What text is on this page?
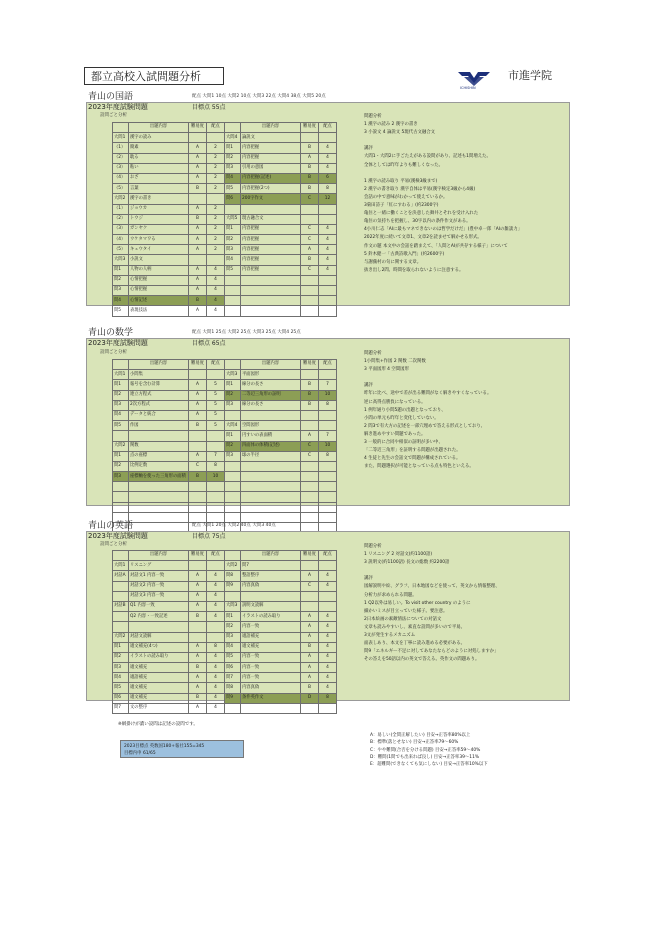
都立高校入試問題分析
ICHISHIN
市進学院
青山の国語	配点 大問1 10点 大問2 10点 大問3 22点 大問4 38点 大問5 20点
2023年度試験問題	目標点 55点
設問ごと分析
	出題内容	難易度	配点
大問1	漢字の読み		
（1）	簡素	A	2
（2）	耽る	A	2
（3）	粘い	A	2
（4）	おざ	A	2
（5）	言葉	B	2
大問2	漢字の書き		
（1）	ジョウカ	A	2
（2）	トウジ	B	2
（3）	ガンヤク	A	2
（4）	ウケタマワる	A	2
（5）	キュウタイ	A	2
大問3	小説文		
問1	人物の人柄	A	4
問2	心情把握	A	4
問3	心情把握	A	4
問4	心情記述	B	4
問5	表現技法	A	4
	出題内容	難易度	配点
大問4	論説文		
問1	内容把握	B	4
問2	内容把握	A	4
問3	引用の意図	B	4
問4	内容把握(記述)	B	6
問5	内容把握(2つ)	B	8
問6	200字作文	C	12

大問5	現古融合文		
問1	内容把握	C	4
問2	内容把握	C	4
問3	内容把握	A	4
問4	内容把握	B	4
問5	内容把握	C	4

問題分析
1 漢字の読み 2 漢字の書き
3 小説文 4 論説文 5現代古文融合文

講評
大問1・大問2に手ごたえがある設問があり、記述も1問増えた。
全体としては昨年よりも難しくなった。

1 漢字の読み取り 平易(漢検3級まで)
2 漢字の書き取り 漢字自体は平易(漢字検定3級から4級)
会話の中で意味がわかって使えているか。
3菊田詩子「紅にすわる」(約2300字)
亀住と一緒に働くことを決意した舞井とそれを受け入れた
亀住の気持ちを把握し、30字以内の条件作文がある。
4小川仁志「AIに最もマネできないのは哲学だけだ」(豊中卓一郎「AIの雑談力」
2022年度に続いて文章1、文章2を読ませて解かせる形式。
作文の題 本文中の会話を踏まえて、「人間とAIが共存する様子」について
5 鈴木健一「古典詩歌入門」(約2600字)
与謝蕪村の句に関する文章。
抜き出し2問、時間を取られないように注意する。
青山の数学	配点 大問1 25点 大問2 25点 大問3 25点 大問4 25点
2023年度試験問題	目標点 65点
設問ごと分析
	出題内容	難易度	配点
大問1	小問集		
問1	報号を含む計算	A	5
問2	連立方程式	A	5
問3	2次方程式	A	5
問4	データと統合	A	5
問5	作図	B	5

大問2	関数		
問1	点の座標	A	7
問2	比例定数	C	8
問3	座標軸を使った三角形の面積	B	10

	出題内容	難易度	配点
大問3	平面図形		
問1	線分の長さ	B	7
問2	二等辺三角形の証明	B	10
問3	線分の長さ	B	8

大問4	空間図形		
問1	円すいの表面積	A	7
問2	四面体の体積(記述)	C	10
問3	球の半径	C	8

問題分析
1小問集+作図 2 関数 二次関数
3 平面図形 4 空間図形

講評
昨年に比べ、途中で差が出る難問がなく解きやすくなっている。
逆に高得点勝負になっている。
1 例年通り小問5題の出題となっており、
小問の単元も昨年と変化していない。
2 問3で有大方の記述を一部穴埋めで答える形式としており、
解き進めやすい問題であった。
3 一般的に合同や相似の証明が多い中、
「二等辺三角形」を証明する問題が出題された。
4 生徒と先生の会話文で問題が構成されている。
また、問題選択が可能となっている点も特色といえる。
青山の英語	配点 大問1 20点 大問2 40点 大問3 40点
2023年度試験問題	目標点 75点
設問ごと分析
	出題内容	難易度	配点
大問1	リスニング		
対話A	対話文1 内容一致	A	4
	対話文2 内容一致	A	4
	対話文3 内容一致	A	4
対話B	Q1 内容一致	A	4
	Q2 内容・一致記述	B	4

大問2	対話文読解		
問1	適文補充(4つ)	A	8
問2	イラストの読み取り	A	4
問3	適文補充	B	4
問4	適語補充	A	4
問5	適文補充	A	4
問6	適文補充	B	4
問7	文の整序	A	4
	出題内容	難易度	配点
大問2	問7		
問8	整語整序	A	4
問9	内容真偽	C	4

大問3	説明文読解		
問1	イラストの読み取り	A	4
問2	内容一致	A	4
問3	適語補充	A	4
問4	適文補充	B	4
問5	内容一致	A	4
問6	内容一致	A	4
問7	内容一致	A	4
問8	内容真偽	B	4
問9	条件英作文	D	8

問題分析
1 リスニング 2 対話文(約1100語)
3 説明文(約1100語) 長文の総数 約2200語

講評
図解説明や絵、グラフ、日本地図などを使って、英文から情報整理、
分析力が求められる問題。
1 Q2以外は易しい。To visit other country のように
細かいミスが目立っていた様子。要注意。
2日本絵画の素敵情法についての対話文
文章も読みやすいし、素直な設問が多いので平易。
3文が発生するメカニズム
面表しあり、本文を丁寧に読み進める必要がある。
問9「エネルギー不足に対してあなたならどのように対処しますか」
その答えを50語以内の英文で答える。英作文の問題あり。
※網掛けが濃い設問は記述の設問です。
2023目標点 英数国180+報社155=345
目標内申 61/65
A：易しい(全問正解したい) 目安→正答率80%以上
B：標準(落とせない) 目安→正答率79〜60%
C：やや難問(合否を分ける問題) 目安→正答率59〜40%
D：難問(1問でも出来れば良し) 目安→正答率39〜11%
E：超難問(できなくても気にしない) 目安→正答率10%以下
